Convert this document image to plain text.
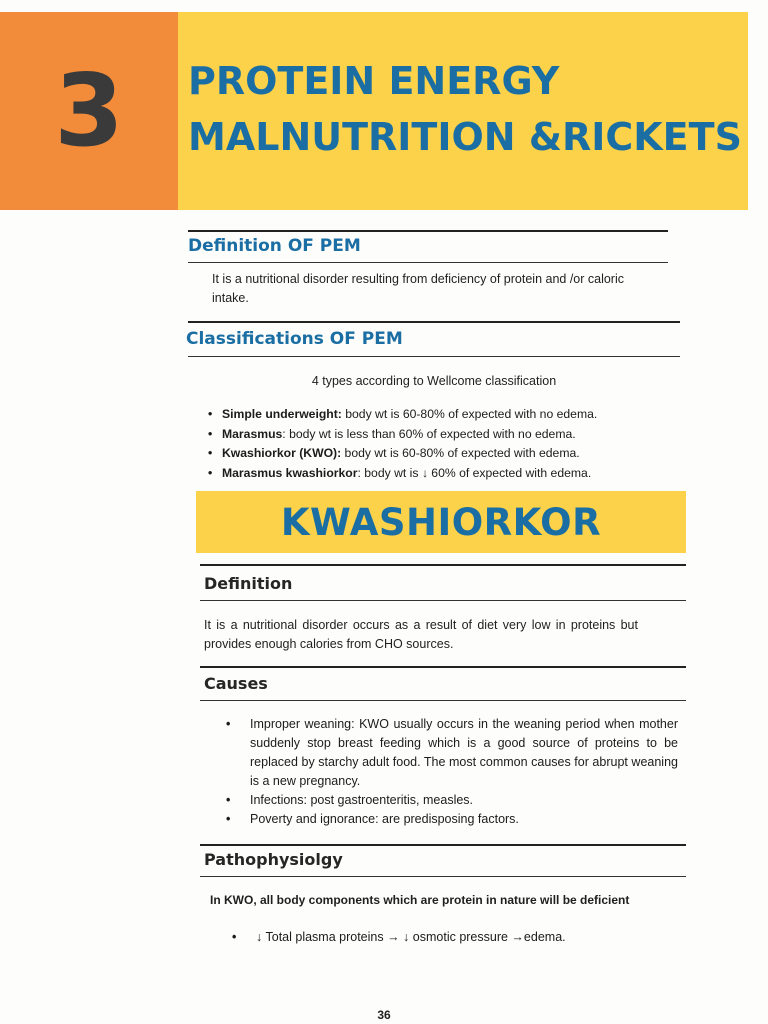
3 PROTEIN ENERGY
MALNUTRITION &RICKETS
Definition OF PEM
It is a nutritional disorder resulting from deficiency of protein and /or caloric intake.
Classifications OF PEM
4 types according to Wellcome classification
• Simple underweight: body wt is 60-80% of expected with no edema.
• Marasmus: body wt is less than 60% of expected with no edema.
• Kwashiorkor (KWO): body wt is 60-80% of expected with edema.
• Marasmus kwashiorkor: body wt is ↓ 60% of expected with edema.
KWASHIORKOR
Definition
It is a nutritional disorder occurs as a result of diet very low in proteins but provides enough calories from CHO sources.
Causes
• Improper weaning: KWO usually occurs in the weaning period when mother suddenly stop breast feeding which is a good source of proteins to be replaced by starchy adult food. The most common causes for abrupt weaning is a new pregnancy.
• Infections: post gastroenteritis, measles.
• Poverty and ignorance: are predisposing factors.
Pathophysiolgy
In KWO, all body components which are protein in nature will be deficient
• ↓ Total plasma proteins → ↓ osmotic pressure →edema.
36
